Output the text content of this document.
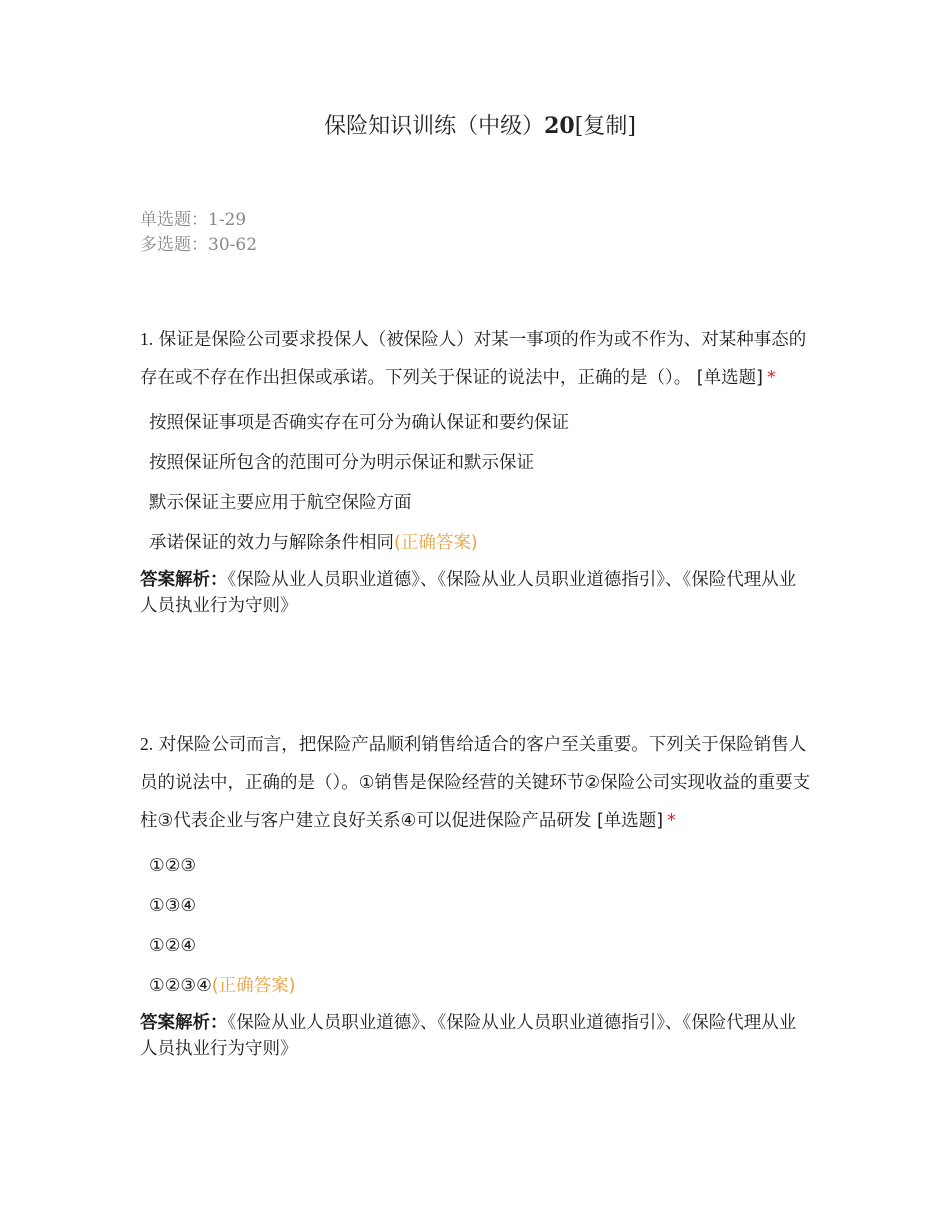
保险知识训练（中级）20[复制]
单选题：1-29
多选题：30-62
1. 保证是保险公司要求投保人（被保险人）对某一事项的作为或不作为、对某种事态的存在或不存在作出担保或承诺。下列关于保证的说法中，正确的是（）。 [单选题] *
按照保证事项是否确实存在可分为确认保证和要约保证
按照保证所包含的范围可分为明示保证和默示保证
默示保证主要应用于航空保险方面
承诺保证的效力与解除条件相同(正确答案)
答案解析：《保险从业人员职业道德》、《保险从业人员职业道德指引》、《保险代理从业人员执业行为守则》
2. 对保险公司而言，把保险产品顺利销售给适合的客户至关重要。下列关于保险销售人员的说法中，正确的是（）。①销售是保险经营的关键环节②保险公司实现收益的重要支柱③代表企业与客户建立良好关系④可以促进保险产品研发 [单选题] *
①②③
①③④
①②④
①②③④(正确答案)
答案解析：《保险从业人员职业道德》、《保险从业人员职业道德指引》、《保险代理从业人员执业行为守则》
